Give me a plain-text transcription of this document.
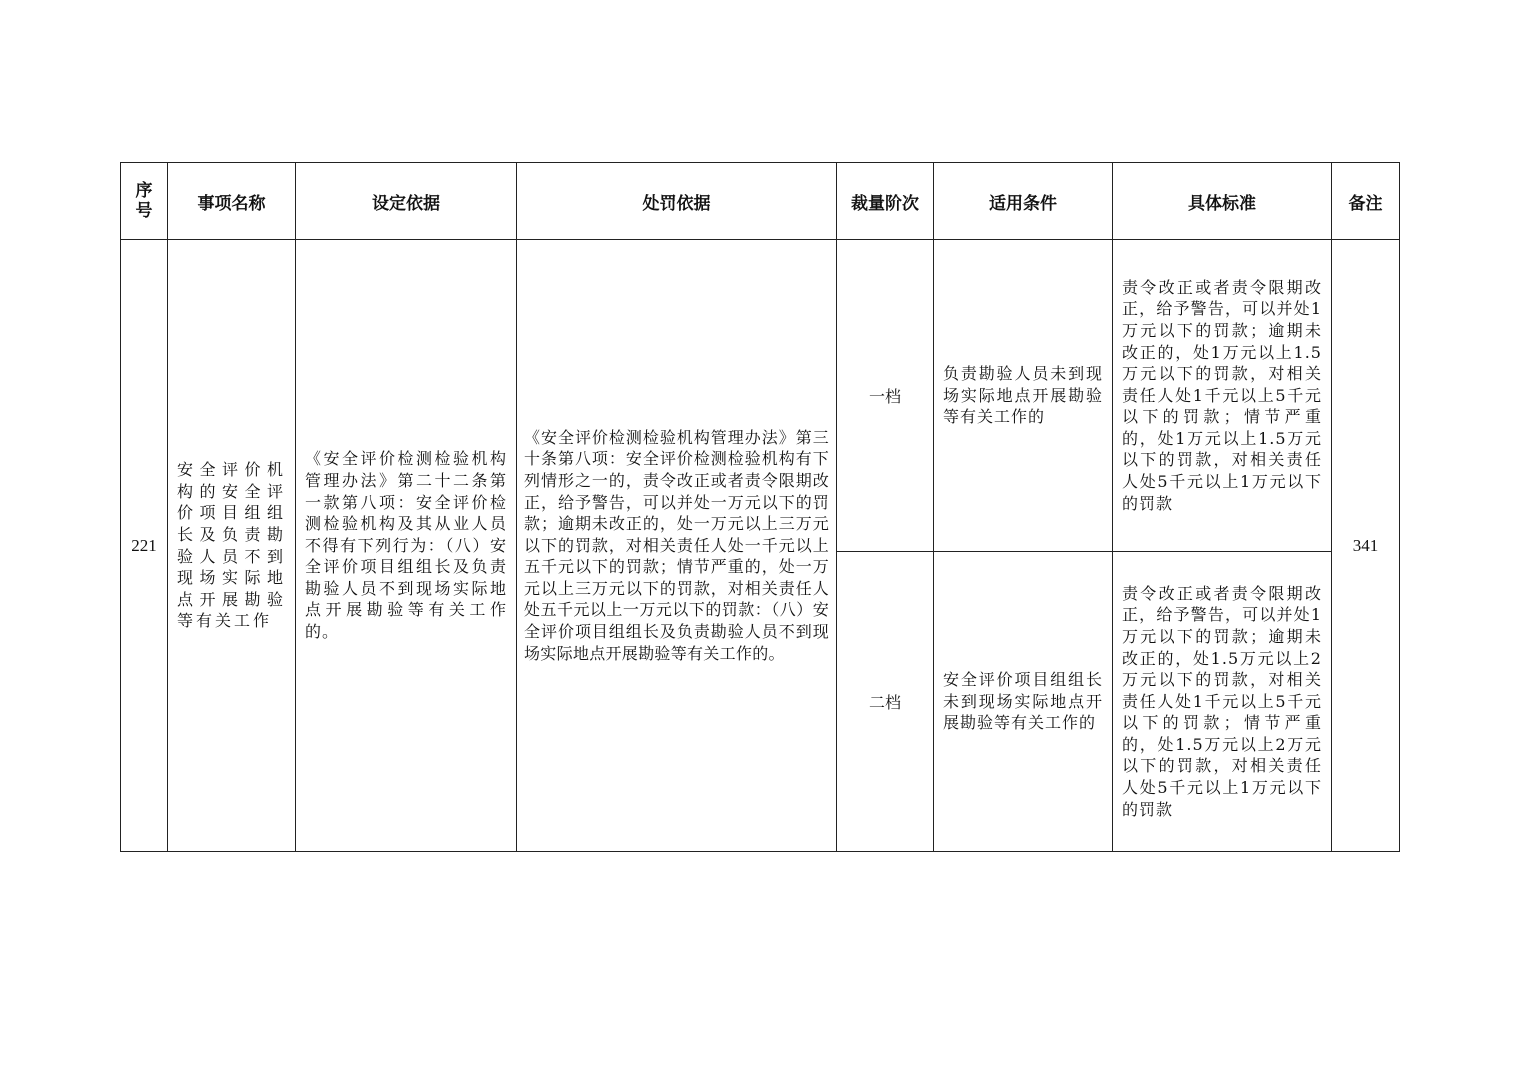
序号	事项名称	设定依据	处罚依据	裁量阶次	适用条件	具体标准	备注
221	安全评价机构的安全评价项目组组长及负责勘验人员不到现场实际地点开展勘验等有关工作	《安全评价检测检验机构管理办法》第二十二条第一款第八项：安全评价检测检验机构及其从业人员不得有下列行为：（八）安全评价项目组组长及负责勘验人员不到现场实际地点开展勘验等有关工作的。	《安全评价检测检验机构管理办法》第三十条第八项：安全评价检测检验机构有下列情形之一的，责令改正或者责令限期改正，给予警告，可以并处一万元以下的罚款；逾期未改正的，处一万元以上三万元以下的罚款，对相关责任人处一千元以上五千元以下的罚款；情节严重的，处一万元以上三万元以下的罚款，对相关责任人处五千元以上一万元以下的罚款：（八）安全评价项目组组长及负责勘验人员不到现场实际地点开展勘验等有关工作的。	一档	负责勘验人员未到现场实际地点开展勘验等有关工作的	责令改正或者责令限期改正，给予警告，可以并处1万元以下的罚款；逾期未改正的，处1万元以上1.5万元以下的罚款，对相关责任人处1千元以上5千元以下的罚款；情节严重的，处1万元以上1.5万元以下的罚款，对相关责任人处5千元以上1万元以下的罚款	341
				二档	安全评价项目组组长未到现场实际地点开展勘验等有关工作的	责令改正或者责令限期改正，给予警告，可以并处1万元以下的罚款；逾期未改正的，处1.5万元以上2万元以下的罚款，对相关责任人处1千元以上5千元以下的罚款；情节严重的，处1.5万元以上2万元以下的罚款，对相关责任人处5千元以上1万元以下的罚款	
